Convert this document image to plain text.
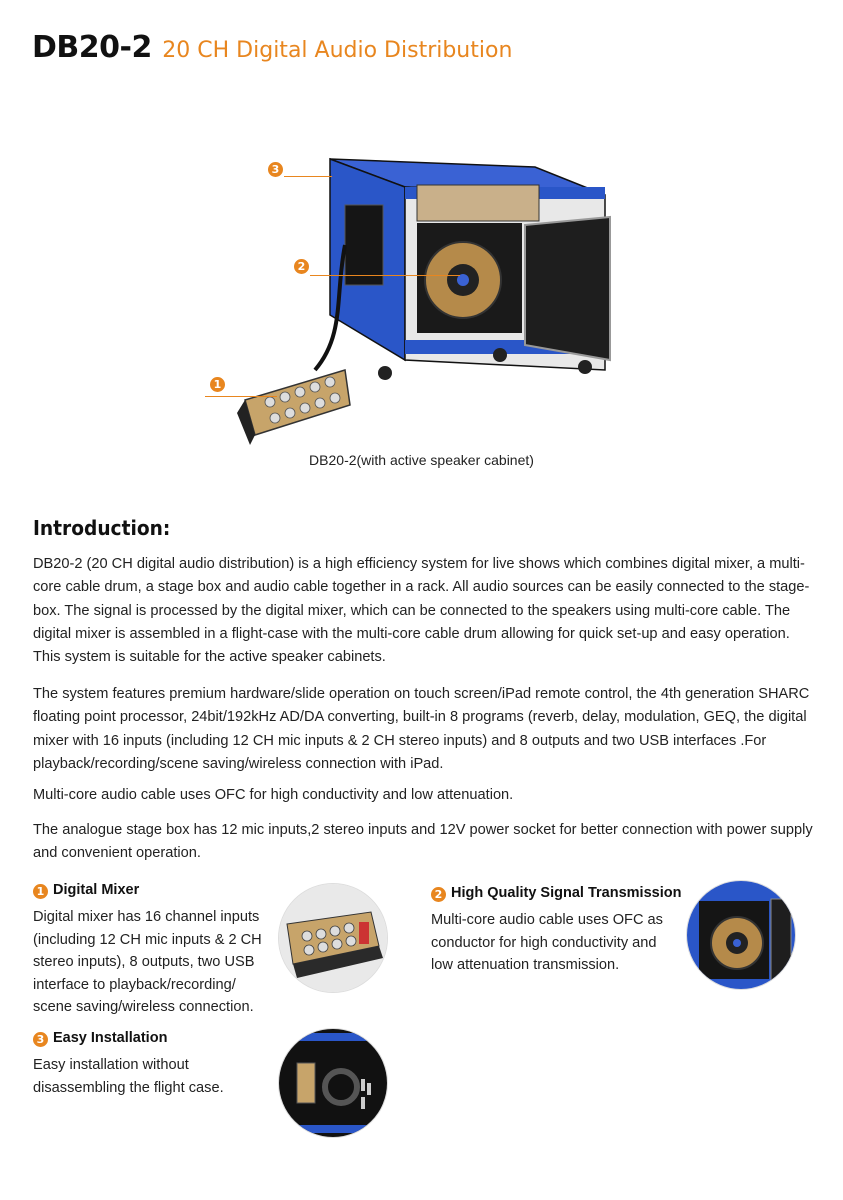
DB20-2 20 CH Digital Audio Distribution
3
2
1
DB20-2(with active speaker cabinet)
Introduction:

DB20-2 (20 CH digital audio distribution) is a high efficiency system for live shows which combines digital mixer, a multi-core cable drum, a stage box and audio cable together in a rack. All audio sources can be easily connected to the stage-box. The signal is processed by the digital mixer, which can be connected to the speakers using multi-core cable. The digital mixer is assembled in a flight-case with the multi-core cable drum allowing for quick set-up and easy operation. This system is suitable for the active speaker cabinets.

The system features premium hardware/slide operation on touch screen/iPad remote control, the 4th generation SHARC floating point processor, 24bit/192kHz AD/DA converting, built-in 8 programs (reverb, delay, modulation, GEQ, the digital mixer with 16 inputs (including 12 CH mic inputs & 2 CH stereo inputs) and 8 outputs and two USB interfaces .For playback/recording/scene saving/wireless connection with iPad.

Multi-core audio cable uses OFC for high conductivity and low attenuation.

The analogue stage box has 12 mic inputs,2 stereo inputs and 12V power socket for better connection with power supply and convenient operation.

1 Digital Mixer

Digital mixer has 16 channel inputs (including 12 CH mic inputs & 2 CH stereo inputs), 8 outputs, two USB interface to playback/recording/ scene saving/wireless connection.

2 High Quality Signal Transmission

Multi-core audio cable uses OFC as conductor for high conductivity and low attenuation transmission.

3 Easy Installation

Easy installation without disassembling the flight case.
